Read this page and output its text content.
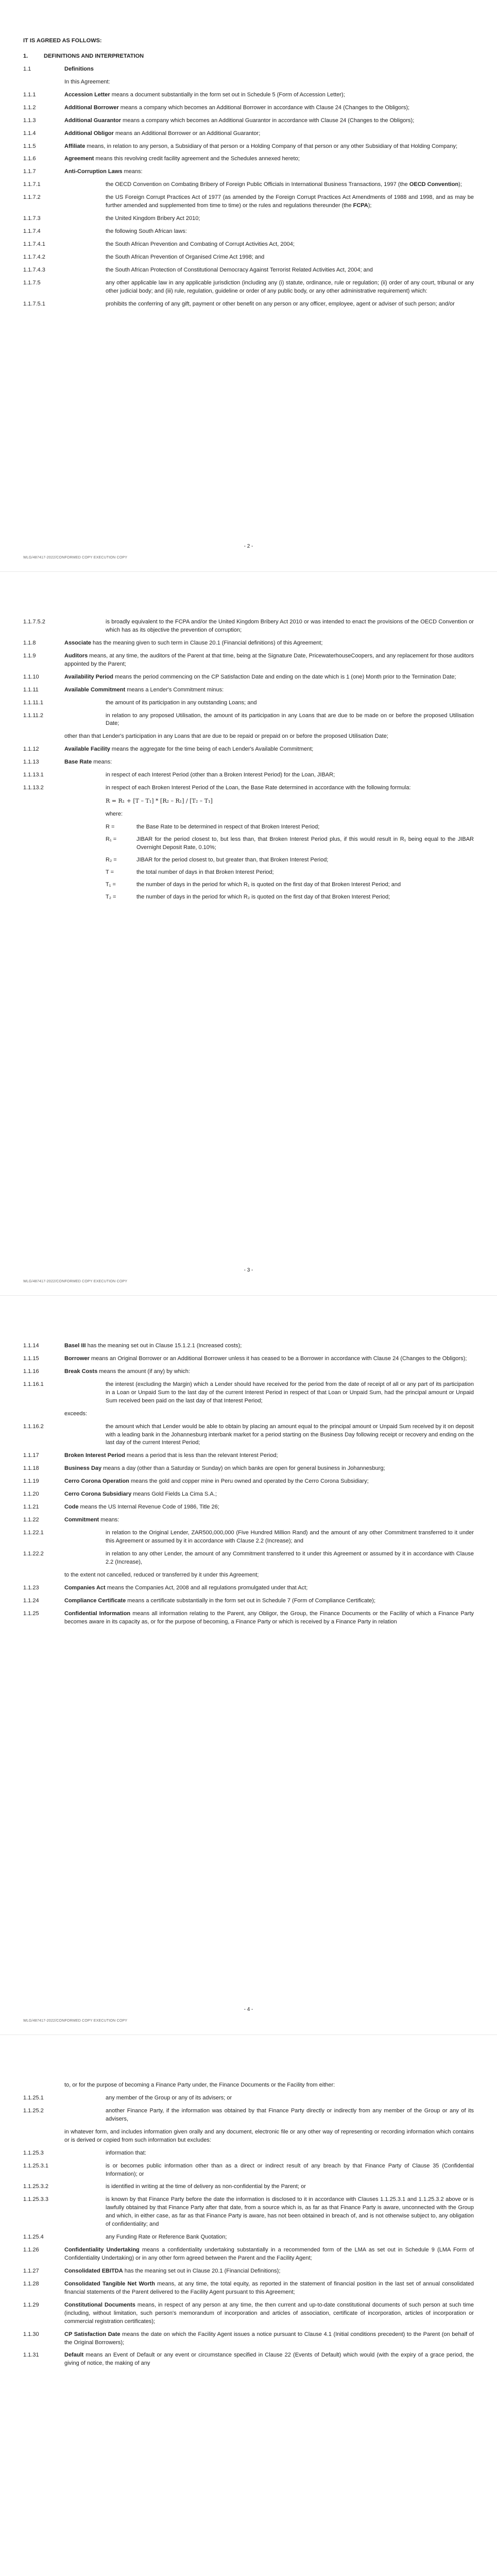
IT IS AGREED AS FOLLOWS:
1.	DEFINITIONS AND INTERPRETATION
1.1	Definitions
In this Agreement:
1.1.1	Accession Letter means a document substantially in the form set out in Schedule 5 (Form of Accession Letter);
1.1.2	Additional Borrower means a company which becomes an Additional Borrower in accordance with Clause 24 (Changes to the Obligors);
1.1.3	Additional Guarantor means a company which becomes an Additional Guarantor in accordance with Clause 24 (Changes to the Obligors);
1.1.4	Additional Obligor means an Additional Borrower or an Additional Guarantor;
1.1.5	Affiliate means, in relation to any person, a Subsidiary of that person or a Holding Company of that person or any other Subsidiary of that Holding Company;
1.1.6	Agreement means this revolving credit facility agreement and the Schedules annexed hereto;
1.1.7	Anti-Corruption Laws means:
1.1.7.1	the OECD Convention on Combating Bribery of Foreign Public Officials in International Business Transactions, 1997 (the OECD Convention);
1.1.7.2	the US Foreign Corrupt Practices Act of 1977 (as amended by the Foreign Corrupt Practices Act Amendments of 1988 and 1998, and as may be further amended and supplemented from time to time) or the rules and regulations thereunder (the FCPA);
1.1.7.3	the United Kingdom Bribery Act 2010;
1.1.7.4	the following South African laws:
1.1.7.4.1	the South African Prevention and Combating of Corrupt Activities Act, 2004;
1.1.7.4.2	the South African Prevention of Organised Crime Act 1998; and
1.1.7.4.3	the South African Protection of Constitutional Democracy Against Terrorist Related Activities Act, 2004; and
1.1.7.5	any other applicable law in any applicable jurisdiction (including any (i) statute, ordinance, rule or regulation; (ii) order of any court, tribunal or any other judicial body; and (iii) rule, regulation, guideline or order of any public body, or any other administrative requirement) which:
1.1.7.5.1	prohibits the conferring of any gift, payment or other benefit on any person or any officer, employee, agent or adviser of such person; and/or
- 2 -
WLG/487417-2022/CONFORMED COPY EXECUTION COPY
1.1.7.5.2	is broadly equivalent to the FCPA and/or the United Kingdom Bribery Act 2010 or was intended to enact the provisions of the OECD Convention or which has as its objective the prevention of corruption;
1.1.8	Associate has the meaning given to such term in Clause 20.1 (Financial definitions) of this Agreement;
1.1.9	Auditors means, at any time, the auditors of the Parent at that time, being at the Signature Date, PricewaterhouseCoopers, and any replacement for those auditors appointed by the Parent;
1.1.10	Availability Period means the period commencing on the CP Satisfaction Date and ending on the date which is 1 (one) Month prior to the Termination Date;
1.1.11	Available Commitment means a Lender's Commitment minus:
1.1.11.1	the amount of its participation in any outstanding Loans; and
1.1.11.2	in relation to any proposed Utilisation, the amount of its participation in any Loans that are due to be made on or before the proposed Utilisation Date;
other than that Lender's participation in any Loans that are due to be repaid or prepaid on or before the proposed Utilisation Date;
1.1.12	Available Facility means the aggregate for the time being of each Lender's Available Commitment;
1.1.13	Base Rate means:
1.1.13.1	in respect of each Interest Period (other than a Broken Interest Period) for the Loan, JIBAR;
1.1.13.2	in respect of each Broken Interest Period of the Loan, the Base Rate determined in accordance with the following formula:
R = R₁ + [T – T₁] * [R₂ – R₁] / [T₂ – T₁]
where:
R =	the Base Rate to be determined in respect of that Broken Interest Period;
R₁ =	JIBAR for the period closest to, but less than, that Broken Interest Period plus, if this would result in R₁ being equal to the JIBAR Overnight Deposit Rate, 0.10%;
R₂ =	JIBAR for the period closest to, but greater than, that Broken Interest Period;
T =	the total number of days in that Broken Interest Period;
T₁ =	the number of days in the period for which R₁ is quoted on the first day of that Broken Interest Period; and
T₂ =	the number of days in the period for which R₂ is quoted on the first day of that Broken Interest Period;
- 3 -
WLG/487417-2022/CONFORMED COPY EXECUTION COPY
1.1.14	Basel III has the meaning set out in Clause 15.1.2.1 (Increased costs);
1.1.15	Borrower means an Original Borrower or an Additional Borrower unless it has ceased to be a Borrower in accordance with Clause 24 (Changes to the Obligors);
1.1.16	Break Costs means the amount (if any) by which:
1.1.16.1	the interest (excluding the Margin) which a Lender should have received for the period from the date of receipt of all or any part of its participation in a Loan or Unpaid Sum to the last day of the current Interest Period in respect of that Loan or Unpaid Sum, had the principal amount or Unpaid Sum received been paid on the last day of that Interest Period;
exceeds:
1.1.16.2	the amount which that Lender would be able to obtain by placing an amount equal to the principal amount or Unpaid Sum received by it on deposit with a leading bank in the Johannesburg interbank market for a period starting on the Business Day following receipt or recovery and ending on the last day of the current Interest Period;
1.1.17	Broken Interest Period means a period that is less than the relevant Interest Period;
1.1.18	Business Day means a day (other than a Saturday or Sunday) on which banks are open for general business in Johannesburg;
1.1.19	Cerro Corona Operation means the gold and copper mine in Peru owned and operated by the Cerro Corona Subsidiary;
1.1.20	Cerro Corona Subsidiary means Gold Fields La Cima S.A.;
1.1.21	Code means the US Internal Revenue Code of 1986, Title 26;
1.1.22	Commitment means:
1.1.22.1	in relation to the Original Lender, ZAR500,000,000 (Five Hundred Million Rand) and the amount of any other Commitment transferred to it under this Agreement or assumed by it in accordance with Clause 2.2 (Increase); and
1.1.22.2	in relation to any other Lender, the amount of any Commitment transferred to it under this Agreement or assumed by it in accordance with Clause 2.2 (Increase),
to the extent not cancelled, reduced or transferred by it under this Agreement;
1.1.23	Companies Act means the Companies Act, 2008 and all regulations promulgated under that Act;
1.1.24	Compliance Certificate means a certificate substantially in the form set out in Schedule 7 (Form of Compliance Certificate);
1.1.25	Confidential Information means all information relating to the Parent, any Obligor, the Group, the Finance Documents or the Facility of which a Finance Party becomes aware in its capacity as, or for the purpose of becoming, a Finance Party or which is received by a Finance Party in relation
- 4 -
WLG/487417-2022/CONFORMED COPY EXECUTION COPY
to, or for the purpose of becoming a Finance Party under, the Finance Documents or the Facility from either:
1.1.25.1	any member of the Group or any of its advisers; or
1.1.25.2	another Finance Party, if the information was obtained by that Finance Party directly or indirectly from any member of the Group or any of its advisers,
in whatever form, and includes information given orally and any document, electronic file or any other way of representing or recording information which contains or is derived or copied from such information but excludes:
1.1.25.3	information that:
1.1.25.3.1	is or becomes public information other than as a direct or indirect result of any breach by that Finance Party of Clause 35 (Confidential Information); or
1.1.25.3.2	is identified in writing at the time of delivery as non-confidential by the Parent; or
1.1.25.3.3	is known by that Finance Party before the date the information is disclosed to it in accordance with Clauses 1.1.25.3.1 and 1.1.25.3.2 above or is lawfully obtained by that Finance Party after that date, from a source which is, as far as that Finance Party is aware, unconnected with the Group and which, in either case, as far as that Finance Party is aware, has not been obtained in breach of, and is not otherwise subject to, any obligation of confidentiality; and
1.1.25.4	any Funding Rate or Reference Bank Quotation;
1.1.26	Confidentiality Undertaking means a confidentiality undertaking substantially in a recommended form of the LMA as set out in Schedule 9 (LMA Form of Confidentiality Undertaking) or in any other form agreed between the Parent and the Facility Agent;
1.1.27	Consolidated EBITDA has the meaning set out in Clause 20.1 (Financial Definitions);
1.1.28	Consolidated Tangible Net Worth means, at any time, the total equity, as reported in the statement of financial position in the last set of annual consolidated financial statements of the Parent delivered to the Facility Agent pursuant to this Agreement;
1.1.29	Constitutional Documents means, in respect of any person at any time, the then current and up-to-date constitutional documents of such person at such time (including, without limitation, such person's memorandum of incorporation and articles of association, certificate of incorporation, articles of incorporation or commercial registration certificates);
1.1.30	CP Satisfaction Date means the date on which the Facility Agent issues a notice pursuant to Clause 4.1 (Initial conditions precedent) to the Parent (on behalf of the Original Borrowers);
1.1.31	Default means an Event of Default or any event or circumstance specified in Clause 22 (Events of Default) which would (with the expiry of a grace period, the giving of notice, the making of any
